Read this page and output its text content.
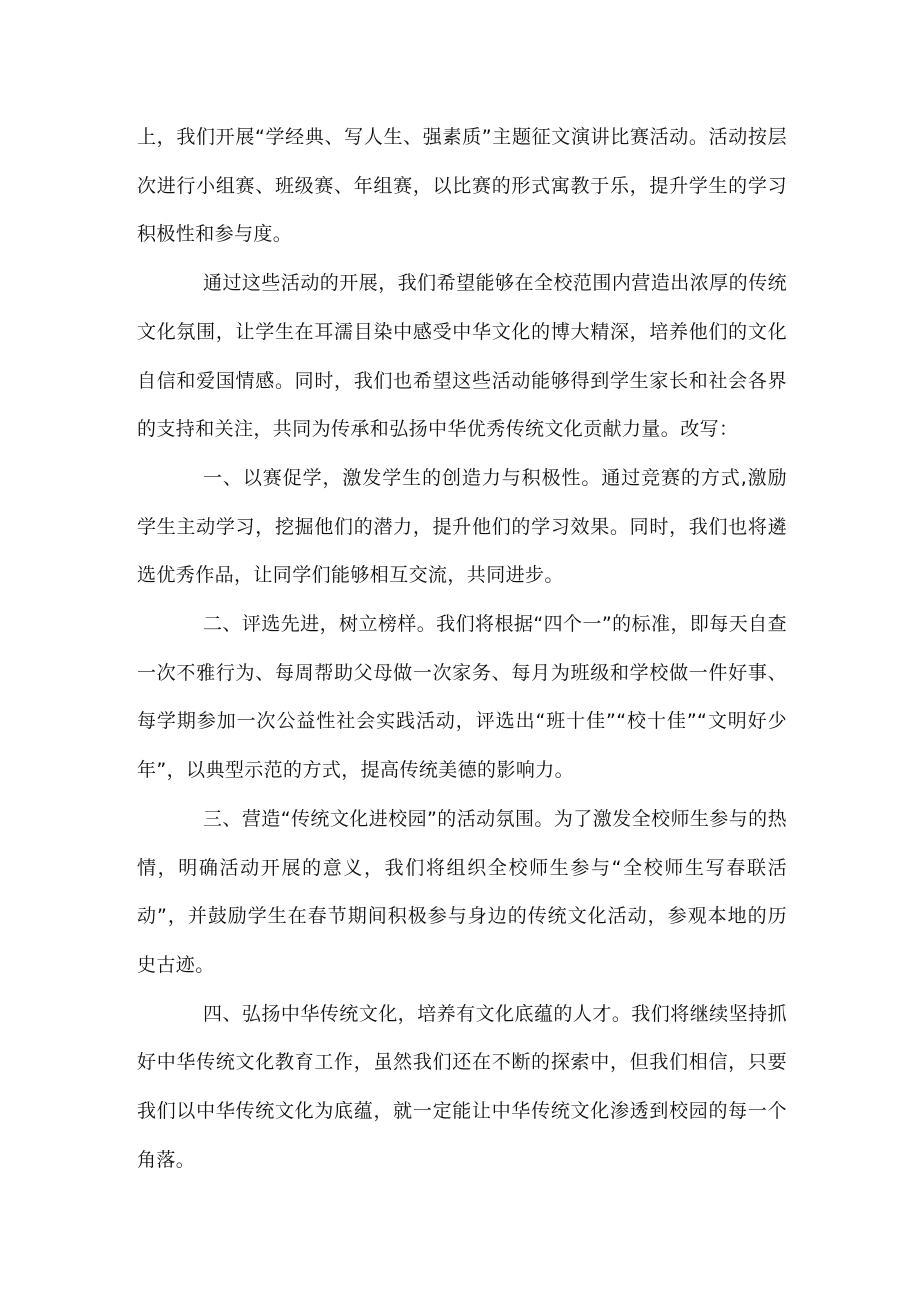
上，我们开展“学经典、写人生、强素质”主题征文演讲比赛活动。活动按层次进行小组赛、班级赛、年组赛，以比赛的形式寓教于乐，提升学生的学习积极性和参与度。

通过这些活动的开展，我们希望能够在全校范围内营造出浓厚的传统文化氛围，让学生在耳濡目染中感受中华文化的博大精深，培养他们的文化自信和爱国情感。同时，我们也希望这些活动能够得到学生家长和社会各界的支持和关注，共同为传承和弘扬中华优秀传统文化贡献力量。改写：

一、以赛促学，激发学生的创造力与积极性。通过竞赛的方式,激励学生主动学习，挖掘他们的潜力，提升他们的学习效果。同时，我们也将遴选优秀作品，让同学们能够相互交流，共同进步。

二、评选先进，树立榜样。我们将根据“四个一”的标准，即每天自查一次不雅行为、每周帮助父母做一次家务、每月为班级和学校做一件好事、每学期参加一次公益性社会实践活动，评选出“班十佳”“校十佳”“文明好少年”，以典型示范的方式，提高传统美德的影响力。

三、营造“传统文化进校园”的活动氛围。为了激发全校师生参与的热情，明确活动开展的意义，我们将组织全校师生参与“全校师生写春联活动”，并鼓励学生在春节期间积极参与身边的传统文化活动，参观本地的历史古迹。

四、弘扬中华传统文化，培养有文化底蕴的人才。我们将继续坚持抓好中华传统文化教育工作，虽然我们还在不断的探索中，但我们相信，只要我们以中华传统文化为底蕴，就一定能让中华传统文化渗透到校园的每一个角落。
